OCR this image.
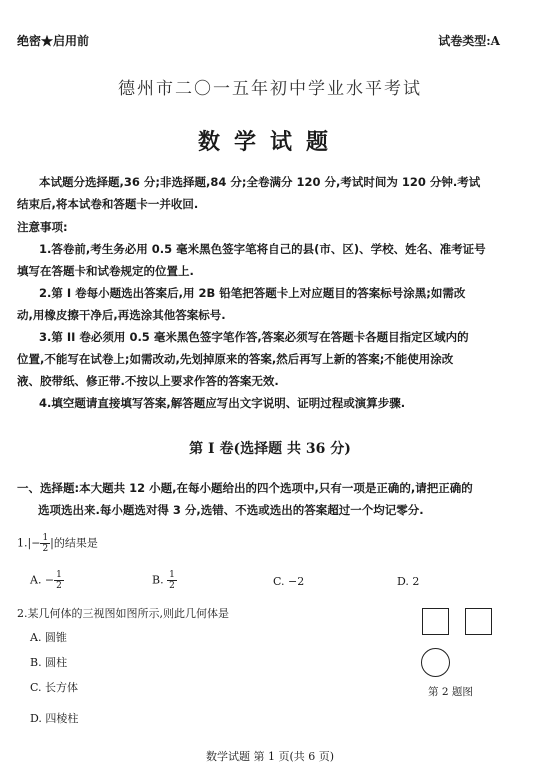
绝密★启用前	试卷类型:A
德州市二〇一五年初中学业水平考试
数学试题
本试题分选择题,36 分;非选择题,84 分;全卷满分 120 分,考试时间为 120 分钟.考试
结束后,将本试卷和答题卡一并收回.
注意事项:
1.答卷前,考生务必用 0.5 毫米黑色签字笔将自己的县(市、区)、学校、姓名、准考证号
填写在答题卡和试卷规定的位置上.
2.第 I 卷每小题选出答案后,用 2B 铅笔把答题卡上对应题目的答案标号涂黑;如需改
动,用橡皮擦干净后,再选涂其他答案标号.
3.第 II 卷必须用 0.5 毫米黑色签字笔作答,答案必须写在答题卡各题目指定区域内的
位置,不能写在试卷上;如需改动,先划掉原来的答案,然后再写上新的答案;不能使用涂改
液、胶带纸、修正带.不按以上要求作答的答案无效.
4.填空题请直接填写答案,解答题应写出文字说明、证明过程或演算步骤.
第 I 卷(选择题 共 36 分)
一、选择题:本大题共 12 小题,在每小题给出的四个选项中,只有一项是正确的,请把正确的
选项选出来.每小题选对得 3 分,选错、不选或选出的答案超过一个均记零分.
$1.|- \frac{1}{2}$ |的结果是
A. − $\frac{1}{2}$	B. $\frac{1}{2}$	C. −2	D. 2
2.某几何体的三视图如图所示,则此几何体是
A. 圆锥
B. 圆柱
C. 长方体
D. 四棱柱
第 2 题图
数学试题 第 1 页(共 6 页)
